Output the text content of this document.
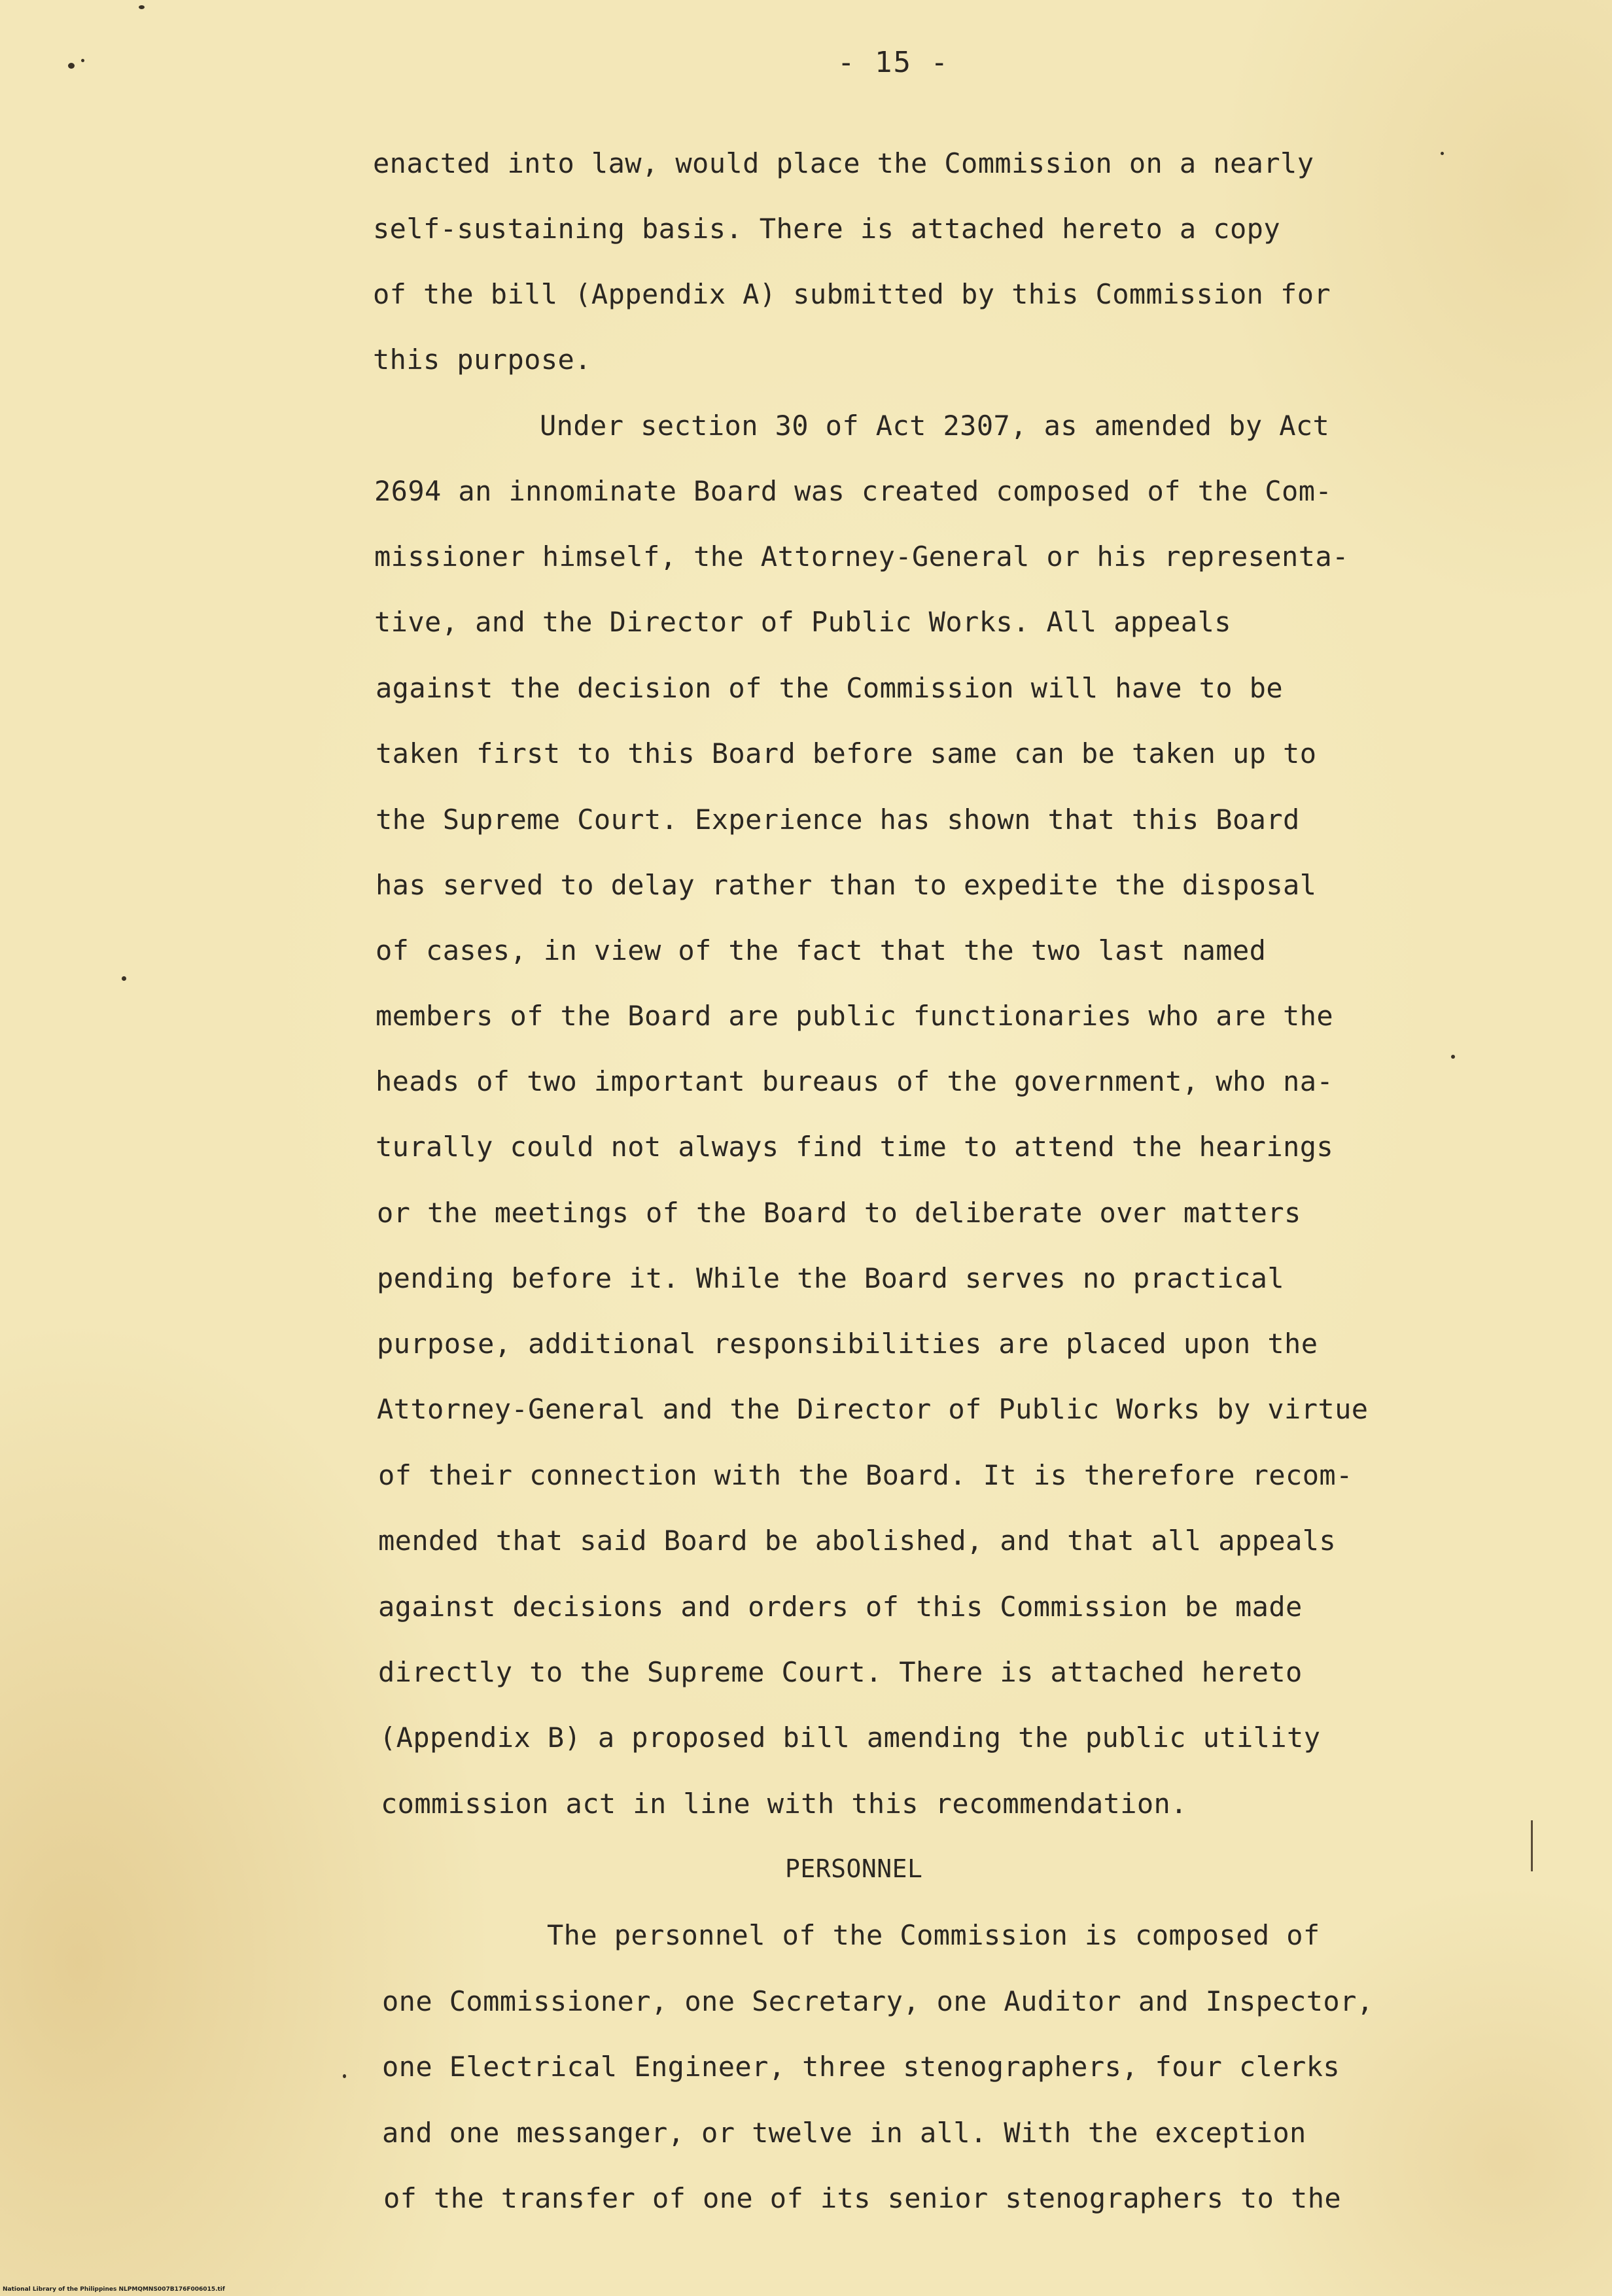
- 15 -
enacted into law, would place the Commission on a nearly
self-sustaining basis. There is attached hereto a copy
of the bill (Appendix A) submitted by this Commission for
this purpose.
Under section 30 of Act 2307, as amended by Act
2694 an innominate Board was created composed of the Com-
missioner himself, the Attorney-General or his representa-
tive, and the Director of Public Works. All appeals
against the decision of the Commission will have to be
taken first to this Board before same can be taken up to
the Supreme Court. Experience has shown that this Board
has served to delay rather than to expedite the disposal
of cases, in view of the fact that the two last named
members of the Board are public functionaries who are the
heads of two important bureaus of the government, who na-
turally could not always find time to attend the hearings
or the meetings of the Board to deliberate over matters
pending before it. While the Board serves no practical
purpose, additional responsibilities are placed upon the
Attorney-General and the Director of Public Works by virtue
of their connection with the Board. It is therefore recom-
mended that said Board be abolished, and that all appeals
against decisions and orders of this Commission be made
directly to the Supreme Court. There is attached hereto
(Appendix B) a proposed bill amending the public utility
commission act in line with this recommendation.
PERSONNEL
The personnel of the Commission is composed of
one Commissioner, one Secretary, one Auditor and Inspector,
one Electrical Engineer, three stenographers, four clerks
and one messanger, or twelve in all. With the exception
of the transfer of one of its senior stenographers to the
National Library of the Philippines NLPMQMNS007B176F006015.tif
